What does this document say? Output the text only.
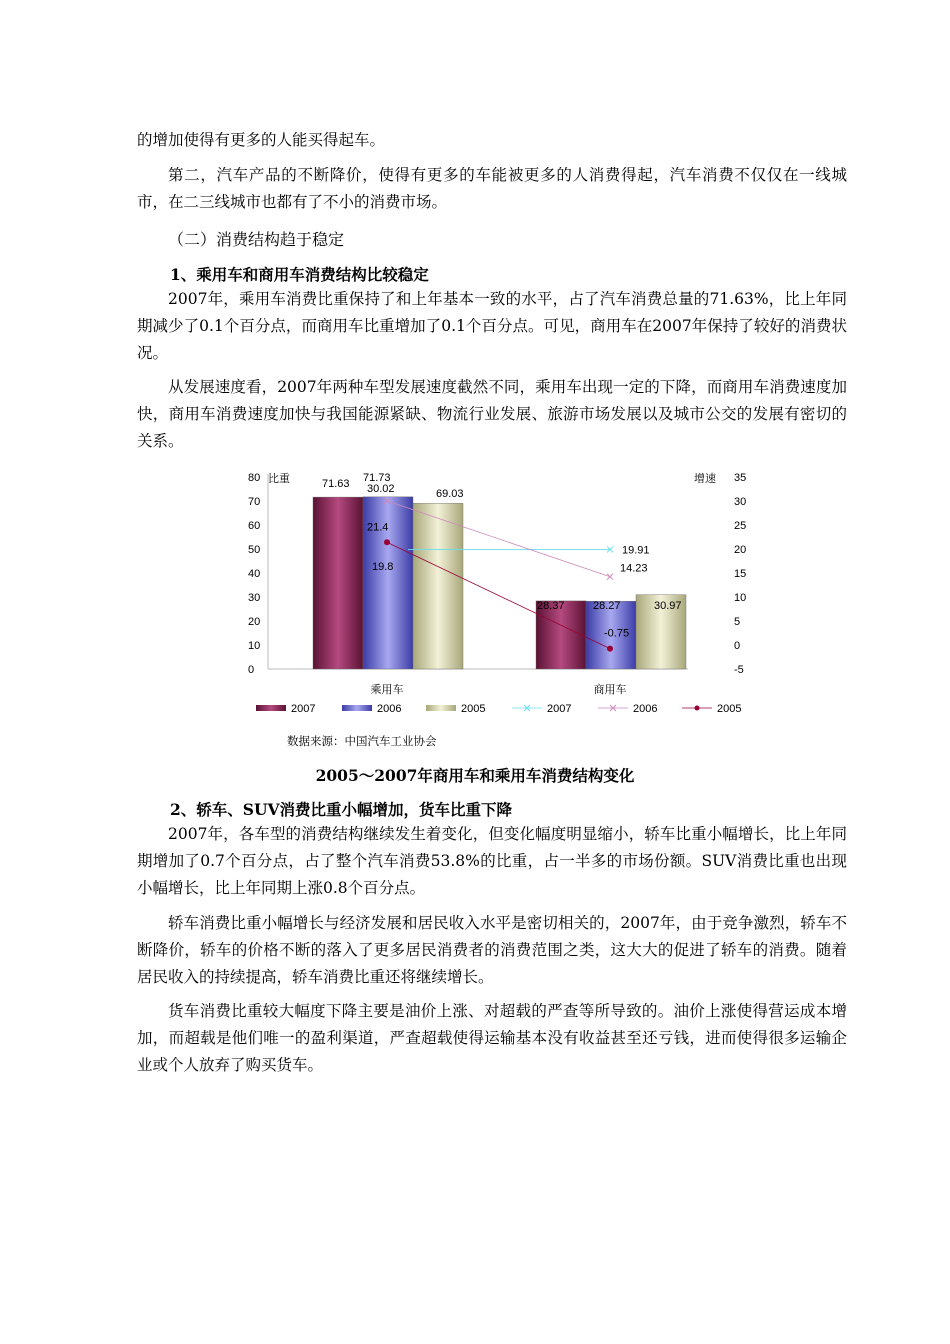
的增加使得有更多的人能买得起车。

第二，汽车产品的不断降价，使得有更多的车能被更多的人消费得起，汽车消费不仅仅在一线城市，在二三线城市也都有了不小的消费市场。

（二）消费结构趋于稳定

1、乘用车和商用车消费结构比较稳定

2007年，乘用车消费比重保持了和上年基本一致的水平，占了汽车消费总量的71.63%，比上年同期减少了0.1个百分点，而商用车比重增加了0.1个百分点。可见，商用车在2007年保持了较好的消费状况。

从发展速度看，2007年两种车型发展速度截然不同，乘用车出现一定的下降，而商用车消费速度加快，商用车消费速度加快与我国能源紧缺、物流行业发展、旅游市场发展以及城市公交的发展有密切的关系。

0
10
20
30
40
50
60
70
80
-5
0
5
10
15
20
25
30
35
比重	增速
71.63 71.73
69.03
28.37	28.27	30.97
19.91
30.02
14.23
21.4
-0.75
乘用车	商用车
19.8
2007	2006	2005	2007	2006	2005

数据来源：中国汽车工业协会

2005～2007年商用车和乘用车消费结构变化

2、轿车、SUV消费比重小幅增加，货车比重下降

2007年，各车型的消费结构继续发生着变化，但变化幅度明显缩小，轿车比重小幅增长，比上年同期增加了0.7个百分点，占了整个汽车消费53.8%的比重，占一半多的市场份额。SUV消费比重也出现小幅增长，比上年同期上涨0.8个百分点。

轿车消费比重小幅增长与经济发展和居民收入水平是密切相关的，2007年，由于竞争激烈，轿车不断降价，轿车的价格不断的落入了更多居民消费者的消费范围之类，这大大的促进了轿车的消费。随着居民收入的持续提高，轿车消费比重还将继续增长。

货车消费比重较大幅度下降主要是油价上涨、对超载的严查等所导致的。油价上涨使得营运成本增加，而超载是他们唯一的盈利渠道，严查超载使得运输基本没有收益甚至还亏钱，进而使得很多运输企业或个人放弃了购买货车。
